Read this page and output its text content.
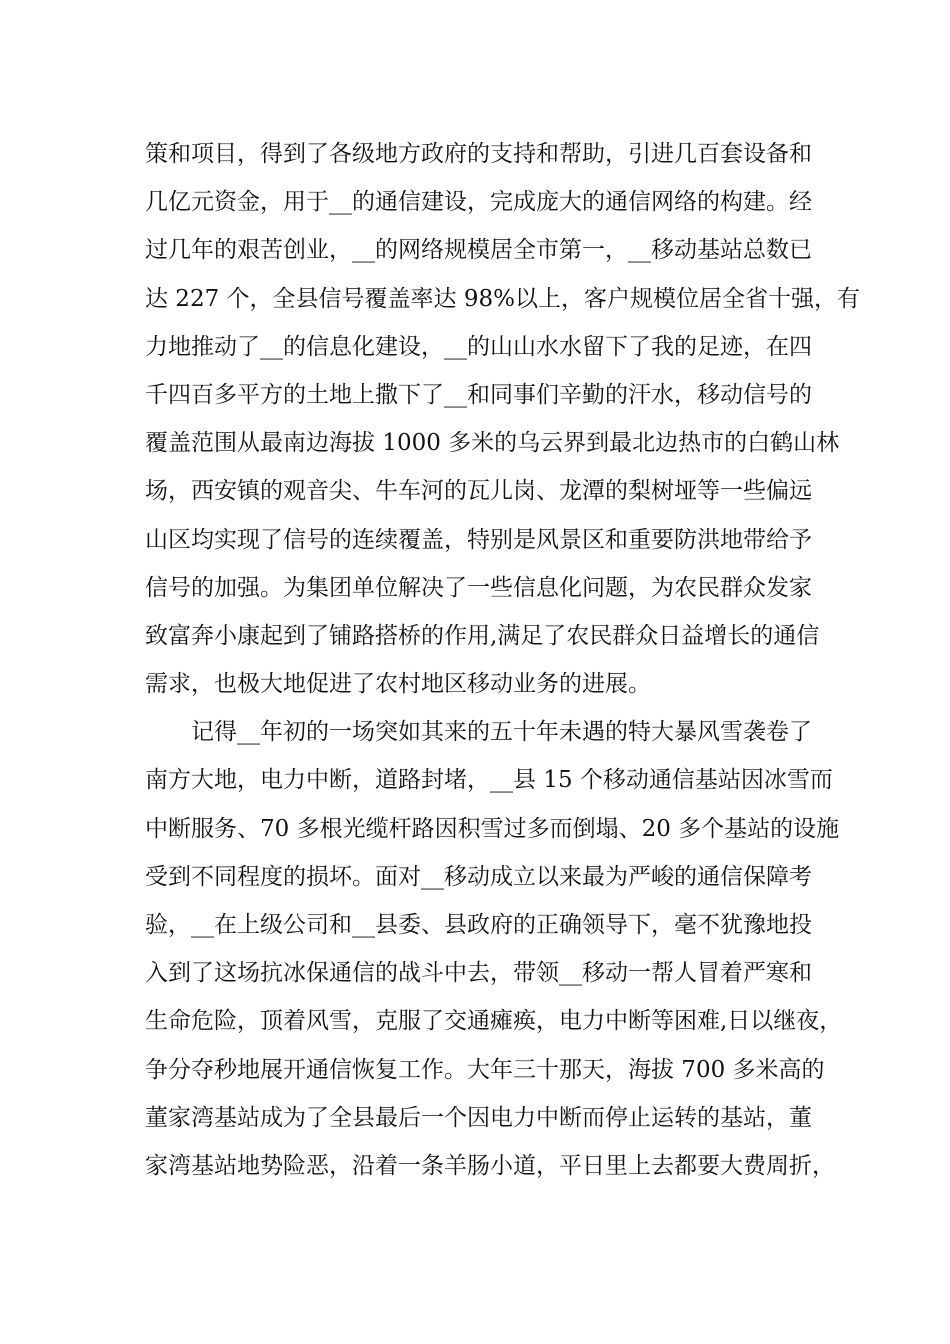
策和项目，得到了各级地方政府的支持和帮助，引进几百套设备和
几亿元资金，用于__的通信建设，完成庞大的通信网络的构建。经
过几年的艰苦创业，__的网络规模居全市第一，__移动基站总数已
达 227 个，全县信号覆盖率达 98%以上，客户规模位居全省十强，有
力地推动了__的信息化建设，__的山山水水留下了我的足迹，在四
千四百多平方的土地上撒下了__和同事们辛勤的汗水，移动信号的
覆盖范围从最南边海拔 1000 多米的乌云界到最北边热市的白鹤山林
场，西安镇的观音尖、牛车河的瓦儿岗、龙潭的梨树垭等一些偏远
山区均实现了信号的连续覆盖，特别是风景区和重要防洪地带给予
信号的加强。为集团单位解决了一些信息化问题，为农民群众发家
致富奔小康起到了铺路搭桥的作用,满足了农民群众日益增长的通信
需求，也极大地促进了农村地区移动业务的进展。
记得__年初的一场突如其来的五十年未遇的特大暴风雪袭卷了
南方大地，电力中断，道路封堵，__县 15 个移动通信基站因冰雪而
中断服务、70 多根光缆杆路因积雪过多而倒塌、20 多个基站的设施
受到不同程度的损坏。面对__移动成立以来最为严峻的通信保障考
验，__在上级公司和__县委、县政府的正确领导下，毫不犹豫地投
入到了这场抗冰保通信的战斗中去，带领__移动一帮人冒着严寒和
生命危险，顶着风雪，克服了交通瘫痪，电力中断等困难,日以继夜，
争分夺秒地展开通信恢复工作。大年三十那天，海拔 700 多米高的
董家湾基站成为了全县最后一个因电力中断而停止运转的基站，董
家湾基站地势险恶，沿着一条羊肠小道，平日里上去都要大费周折，
